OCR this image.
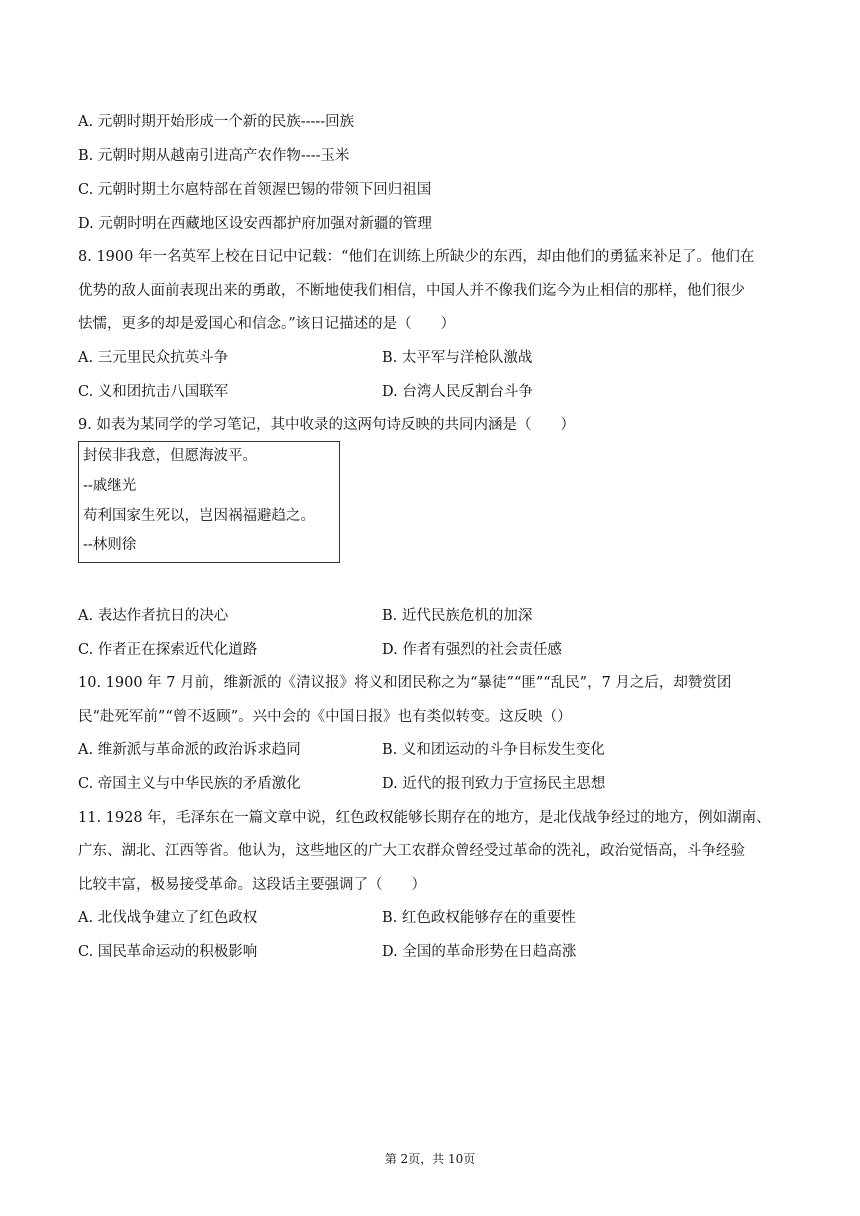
A. 元朝时期开始形成一个新的民族-----回族
B. 元朝时期从越南引进高产农作物----玉米
C. 元朝时期土尔扈特部在首领渥巴锡的带领下回归祖国
D. 元朝时明在西藏地区设安西都护府加强对新疆的管理
8. 1900 年一名英军上校在日记中记载：“他们在训练上所缺少的东西，却由他们的勇猛来补足了。他们在
优势的敌人面前表现出来的勇敢，不断地使我们相信，中国人并不像我们迄今为止相信的那样，他们很少
怯懦，更多的却是爱国心和信念。”该日记描述的是（　　）
A. 三元里民众抗英斗争	B. 太平军与洋枪队激战
C. 义和团抗击八国联军	D. 台湾人民反割台斗争
9. 如表为某同学的学习笔记，其中收录的这两句诗反映的共同内涵是（　　）
封侯非我意，但愿海波平。
--戚继光
苟利国家生死以，岂因祸福避趋之。
--林则徐
A. 表达作者抗日的决心	B. 近代民族危机的加深
C. 作者正在探索近代化道路	D. 作者有强烈的社会责任感
10. 1900 年 7 月前，维新派的《清议报》将义和团民称之为“暴徒”“匪”“乱民”，7 月之后，却赞赏团
民“赴死军前”“曾不返顾”。兴中会的《中国日报》也有类似转变。这反映（）
A. 维新派与革命派的政治诉求趋同	B. 义和团运动的斗争目标发生变化
C. 帝国主义与中华民族的矛盾激化	D. 近代的报刊致力于宣扬民主思想
11. 1928 年，毛泽东在一篇文章中说，红色政权能够长期存在的地方，是北伐战争经过的地方，例如湖南、
广东、湖北、江西等省。他认为，这些地区的广大工农群众曾经受过革命的洗礼，政治觉悟高，斗争经验
比较丰富，极易接受革命。这段话主要强调了（　　）
A. 北伐战争建立了红色政权	B. 红色政权能够存在的重要性
C. 国民革命运动的积极影响	D. 全国的革命形势在日趋高涨
第 2页，共 10页
